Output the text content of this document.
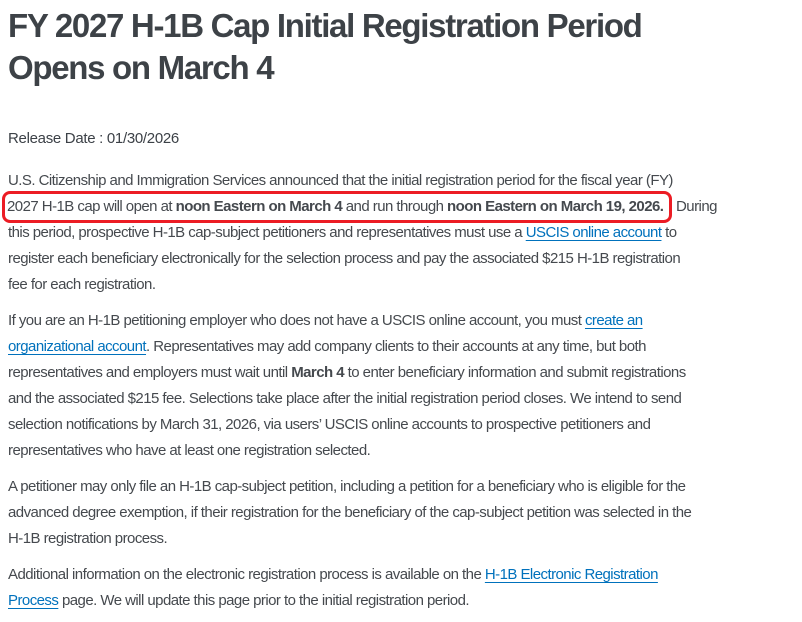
FY 2027 H-1B Cap Initial Registration Period
Opens on March 4

Release Date : 01/30/2026

U.S. Citizenship and Immigration Services announced that the initial registration period for the fiscal year (FY)
2027 H-1B cap will open at noon Eastern on March 4 and run through noon Eastern on March 19, 2026. During
this period, prospective H-1B cap-subject petitioners and representatives must use a USCIS online account to
register each beneficiary electronically for the selection process and pay the associated $215 H-1B registration
fee for each registration.

If you are an H-1B petitioning employer who does not have a USCIS online account, you must create an
organizational account. Representatives may add company clients to their accounts at any time, but both
representatives and employers must wait until March 4 to enter beneficiary information and submit registrations
and the associated $215 fee. Selections take place after the initial registration period closes. We intend to send
selection notifications by March 31, 2026, via users’ USCIS online accounts to prospective petitioners and
representatives who have at least one registration selected.

A petitioner may only file an H-1B cap-subject petition, including a petition for a beneficiary who is eligible for the
advanced degree exemption, if their registration for the beneficiary of the cap-subject petition was selected in the
H-1B registration process.

Additional information on the electronic registration process is available on the H-1B Electronic Registration
Process page. We will update this page prior to the initial registration period.
